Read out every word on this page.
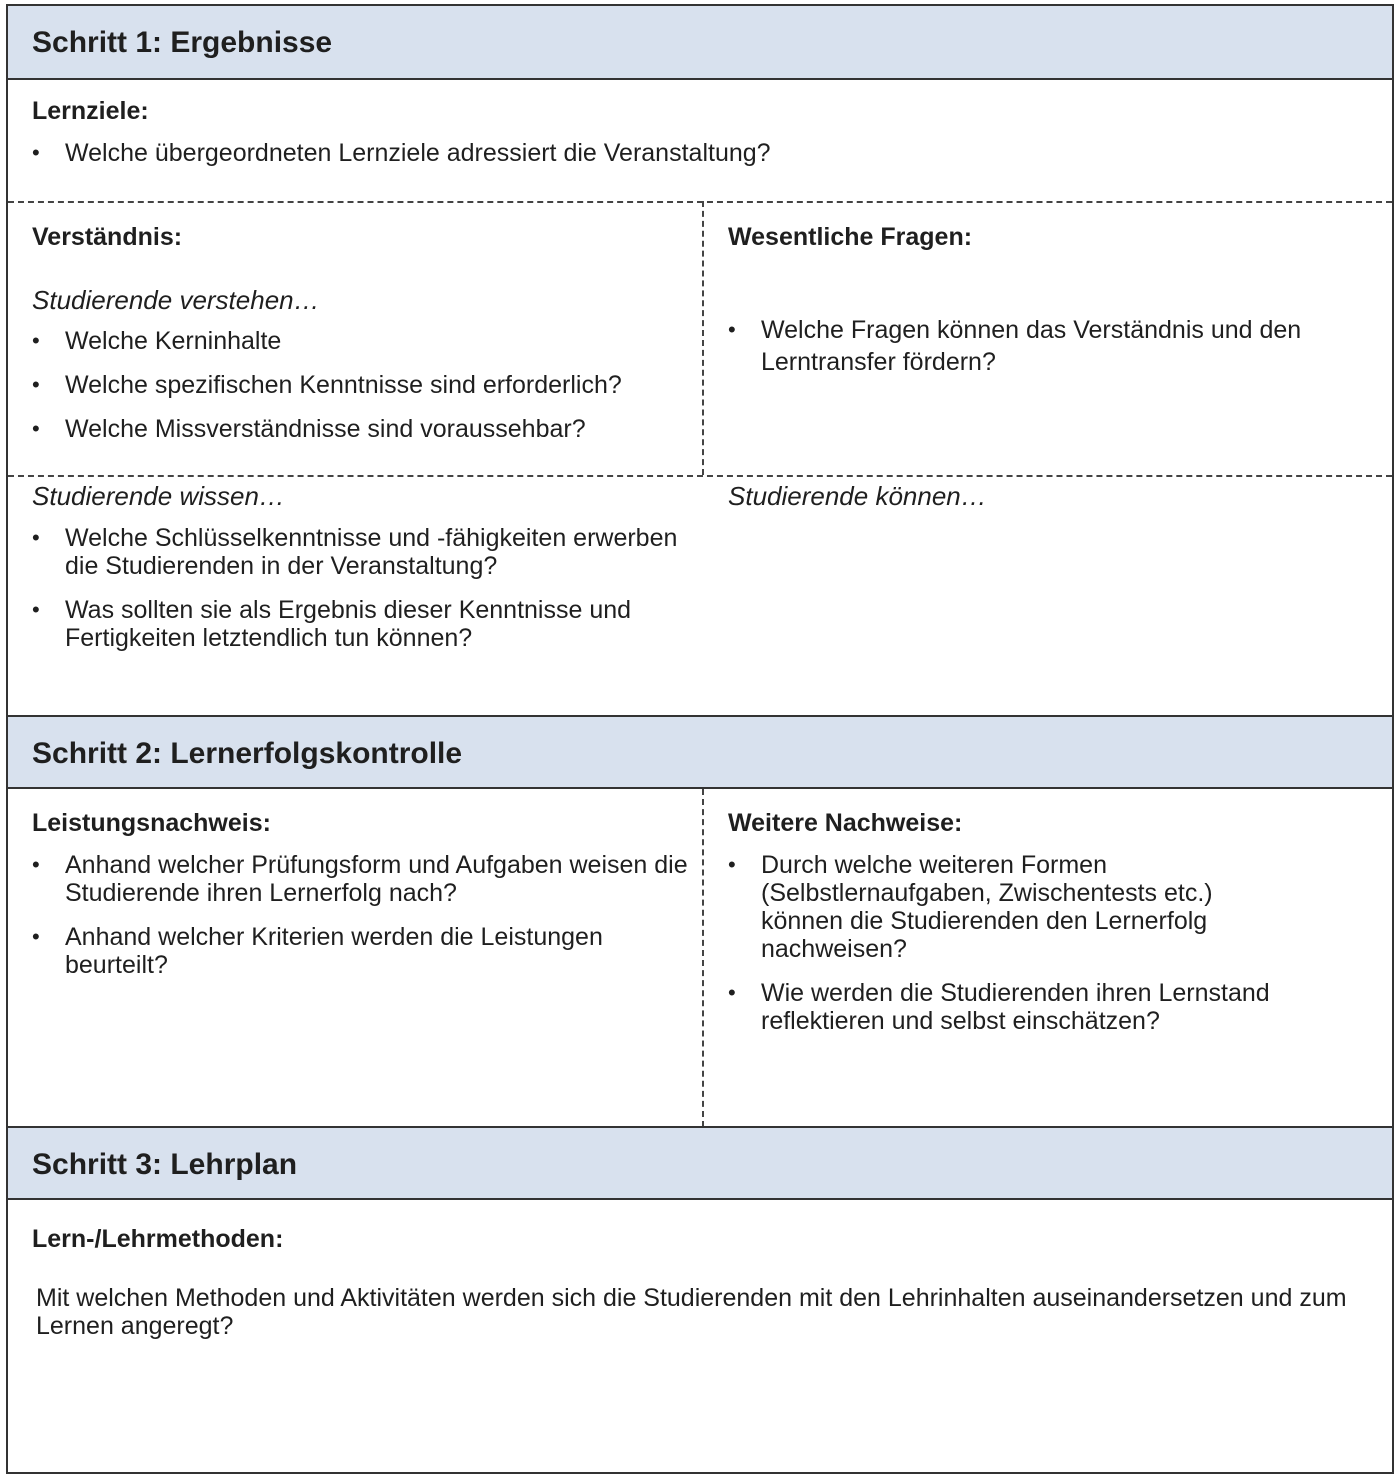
Schritt 1: Ergebnisse
Lernziele:
• Welche übergeordneten Lernziele adressiert die Veranstaltung?
Verständnis:
Studierende verstehen…
• Welche Kerninhalte
• Welche spezifischen Kenntnisse sind erforderlich?
• Welche Missverständnisse sind voraussehbar?
Wesentliche Fragen:
• Welche Fragen können das Verständnis und den Lerntransfer fördern?
Studierende wissen…
• Welche Schlüsselkenntnisse und -fähigkeiten erwerben die Studierenden in der Veranstaltung?
• Was sollten sie als Ergebnis dieser Kenntnisse und Fertigkeiten letztendlich tun können?
Studierende können…
Schritt 2: Lernerfolgskontrolle
Leistungsnachweis:
• Anhand welcher Prüfungsform und Aufgaben weisen die Studierende ihren Lernerfolg nach?
• Anhand welcher Kriterien werden die Leistungen beurteilt?
Weitere Nachweise:
• Durch welche weiteren Formen (Selbstlernaufgaben, Zwischentests etc.) können die Studierenden den Lernerfolg nachweisen?
• Wie werden die Studierenden ihren Lernstand reflektieren und selbst einschätzen?
Schritt 3: Lehrplan
Lern-/Lehrmethoden:
Mit welchen Methoden und Aktivitäten werden sich die Studierenden mit den Lehrinhalten auseinandersetzen und zum Lernen angeregt?
